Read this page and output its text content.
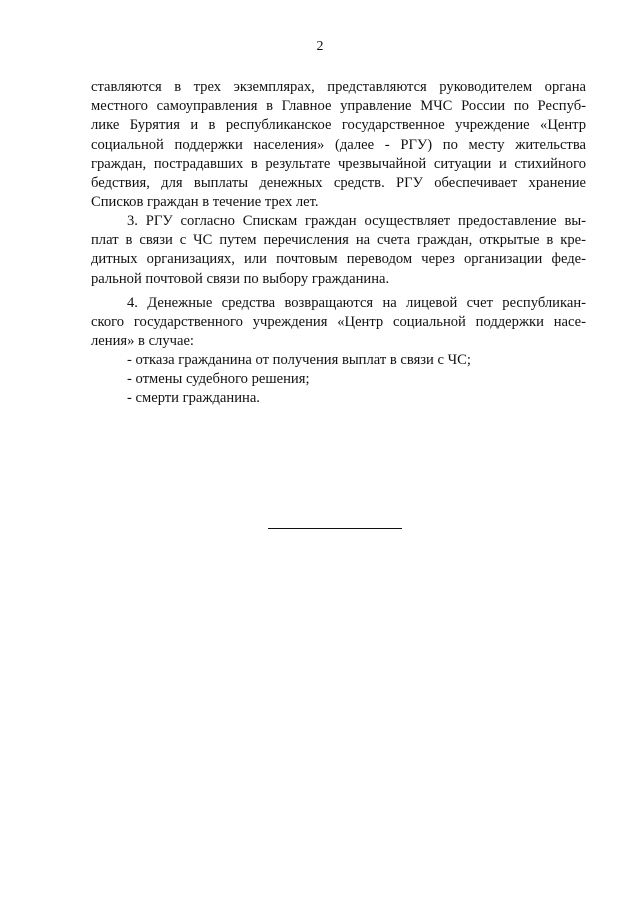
2
ставляются в трех экземплярах, представляются руководителем органа
местного самоуправления в Главное управление МЧС России по Респуб-
лике Бурятия и в республиканское государственное учреждение «Центр
социальной поддержки населения» (далее - РГУ) по месту жительства
граждан, пострадавших в результате чрезвычайной ситуации и стихийного
бедствия, для выплаты денежных средств. РГУ обеспечивает хранение
Списков граждан в течение трех лет.
3. РГУ согласно Спискам граждан осуществляет предоставление вы-
плат в связи с ЧС путем перечисления на счета граждан, открытые в кре-
дитных организациях, или почтовым переводом через организации феде-
ральной почтовой связи по выбору гражданина.
4. Денежные средства возвращаются на лицевой счет республикан-
ского государственного учреждения «Центр социальной поддержки насе-
ления» в случае:
- отказа гражданина от получения выплат в связи с ЧС;
- отмены судебного решения;
- смерти гражданина.
